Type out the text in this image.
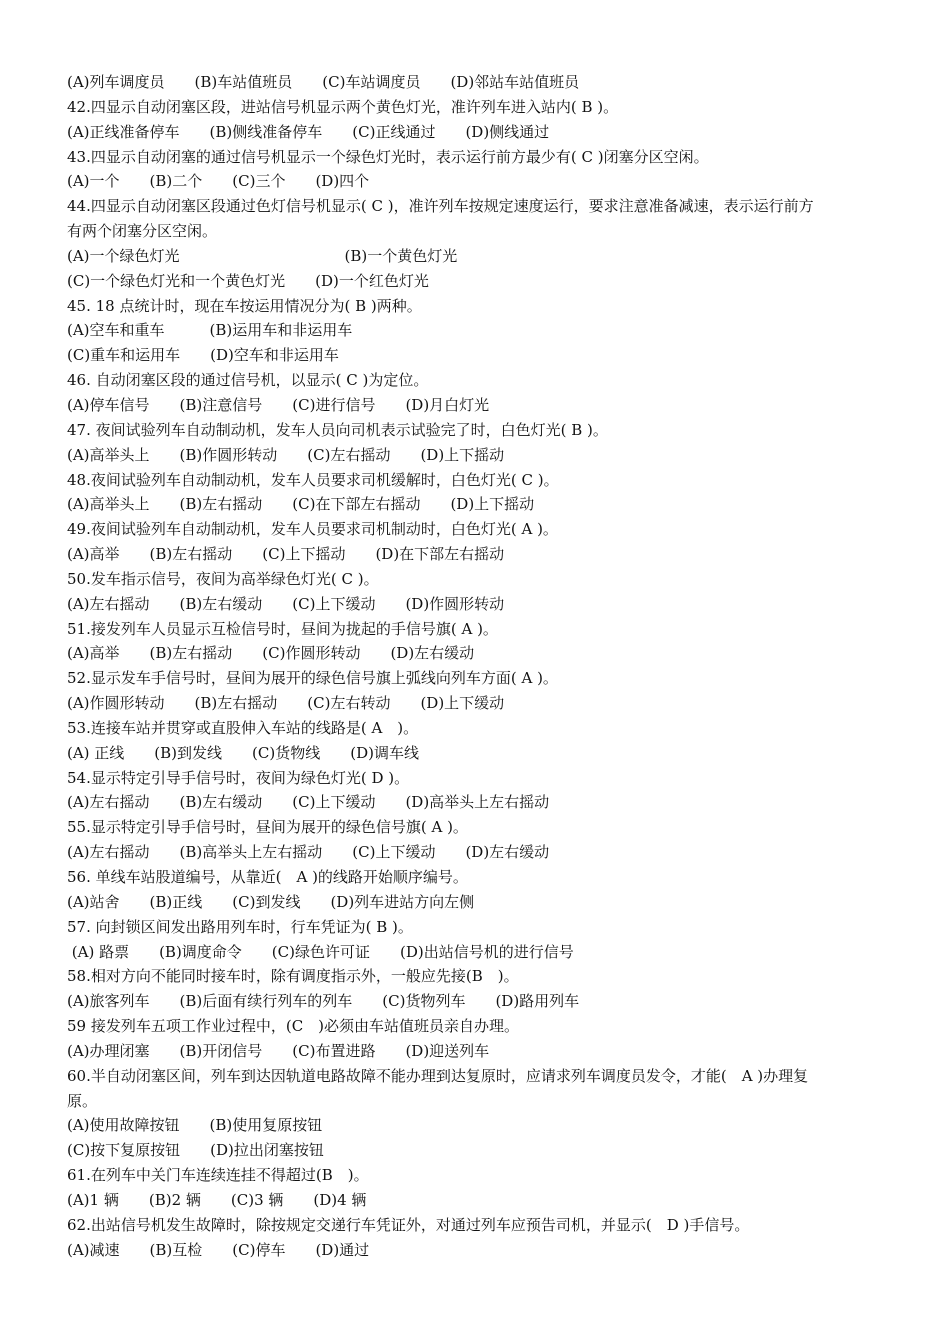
(A)列车调度员　　(B)车站值班员　　(C)车站调度员　　(D)邻站车站值班员
42.四显示自动闭塞区段，进站信号机显示两个黄色灯光，准许列车进入站内( B )。
(A)正线准备停车　　(B)侧线准备停车　　(C)正线通过　　(D)侧线通过
43.四显示自动闭塞的通过信号机显示一个绿色灯光时，表示运行前方最少有( C )闭塞分区空闲。
(A)一个　　(B)二个　　(C)三个　　(D)四个
44.四显示自动闭塞区段通过色灯信号机显示( C )，准许列车按规定速度运行，要求注意准备减速，表示运行前方
有两个闭塞分区空闲。
(A)一个绿色灯光　　　　　　　　　　　(B)一个黄色灯光
(C)一个绿色灯光和一个黄色灯光　　(D)一个红色灯光
45. 18 点统计时，现在车按运用情况分为( B )两种。
(A)空车和重车　　　(B)运用车和非运用车
(C)重车和运用车　　(D)空车和非运用车
46. 自动闭塞区段的通过信号机，以显示( C )为定位。
(A)停车信号　　(B)注意信号　　(C)进行信号　　(D)月白灯光
47. 夜间试验列车自动制动机，发车人员向司机表示试验完了时，白色灯光( B )。
(A)高举头上　　(B)作圆形转动　　(C)左右摇动　　(D)上下摇动
48.夜间试验列车自动制动机，发车人员要求司机缓解时，白色灯光( C )。
(A)高举头上　　(B)左右摇动　　(C)在下部左右摇动　　(D)上下摇动
49.夜间试验列车自动制动机，发车人员要求司机制动时，白色灯光( A )。
(A)高举　　(B)左右摇动　　(C)上下摇动　　(D)在下部左右摇动
50.发车指示信号，夜间为高举绿色灯光( C )。
(A)左右摇动　　(B)左右缓动　　(C)上下缓动　　(D)作圆形转动
51.接发列车人员显示互检信号时，昼间为拢起的手信号旗( A )。
(A)高举　　(B)左右摇动　　(C)作圆形转动　　(D)左右缓动
52.显示发车手信号时，昼间为展开的绿色信号旗上弧线向列车方面( A )。
(A)作圆形转动　　(B)左右摇动　　(C)左右转动　　(D)上下缓动
53.连接车站并贯穿或直股伸入车站的线路是( A　)。
(A) 正线　　(B)到发线　　(C)货物线　　(D)调车线
54.显示特定引导手信号时，夜间为绿色灯光( D )。
(A)左右摇动　　(B)左右缓动　　(C)上下缓动　　(D)高举头上左右摇动
55.显示特定引导手信号时，昼间为展开的绿色信号旗( A )。
(A)左右摇动　　(B)高举头上左右摇动　　(C)上下缓动　　(D)左右缓动
56. 单线车站股道编号，从靠近(　A )的线路开始顺序编号。
(A)站舍　　(B)正线　　(C)到发线　　(D)列车进站方向左侧
57. 向封锁区间发出路用列车时，行车凭证为( B )。
(A) 路票　　(B)调度命令　　(C)绿色许可证　　(D)出站信号机的进行信号
58.相对方向不能同时接车时，除有调度指示外，一般应先接(B　)。
(A)旅客列车　　(B)后面有续行列车的列车　　(C)货物列车　　(D)路用列车
59 接发列车五项工作业过程中，(C　)必须由车站值班员亲自办理。
(A)办理闭塞　　(B)开闭信号　　(C)布置进路　　(D)迎送列车
60.半自动闭塞区间，列车到达因轨道电路故障不能办理到达复原时，应请求列车调度员发令，才能(　A )办理复
原。
(A)使用故障按钮　　(B)使用复原按钮
(C)按下复原按钮　　(D)拉出闭塞按钮
61.在列车中关门车连续连挂不得超过(B　)。
(A)1 辆　　(B)2 辆　　(C)3 辆　　(D)4 辆
62.出站信号机发生故障时，除按规定交递行车凭证外，对通过列车应预告司机，并显示(　D )手信号。
(A)减速　　(B)互检　　(C)停车　　(D)通过
